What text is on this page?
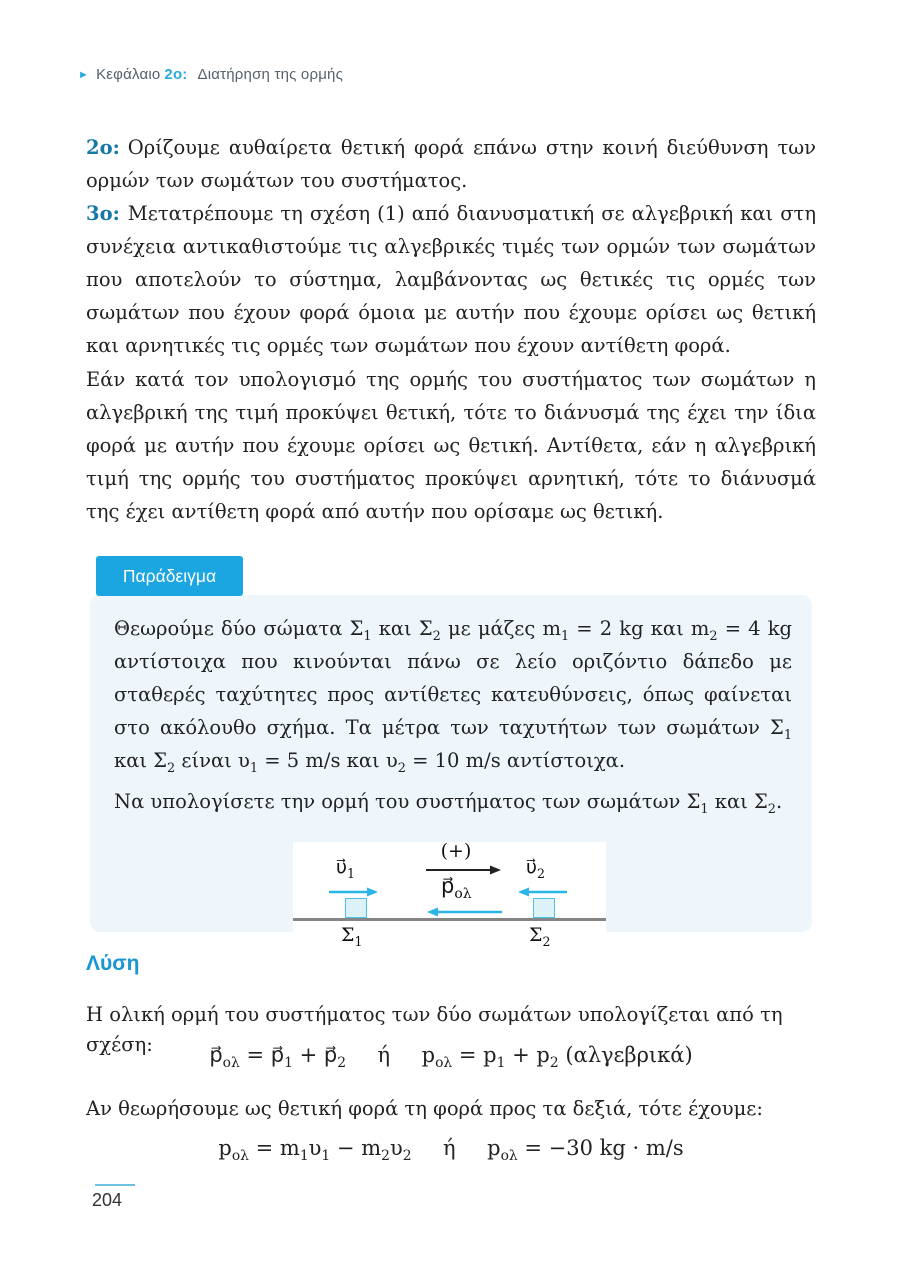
► Κεφάλαιο 2ο: Διατήρηση της ορμής

2ο: Ορίζουμε αυθαίρετα θετική φορά επάνω στην κοινή διεύθυνση των ορμών των σωμάτων του συστήματος.

3ο: Μετατρέπουμε τη σχέση (1) από διανυσματική σε αλγεβρική και στη συνέχεια αντικαθιστούμε τις αλγεβρικές τιμές των ορμών των σωμάτων που αποτελούν το σύστημα, λαμβάνοντας ως θετικές τις ορμές των σωμάτων που έχουν φορά όμοια με αυτήν που έχουμε ορίσει ως θετική και αρνητικές τις ορμές των σωμάτων που έχουν αντίθετη φορά.

Εάν κατά τον υπολογισμό της ορμής του συστήματος των σωμάτων η αλγεβρική της τιμή προκύψει θετική, τότε το διάνυσμά της έχει την ίδια φορά με αυτήν που έχουμε ορίσει ως θετική. Αντίθετα, εάν η αλγεβρική τιμή της ορμής του συστήματος προκύψει αρνητική, τότε το διάνυσμά της έχει αντίθετη φορά από αυτήν που ορίσαμε ως θετική.

Παράδειγμα

Θεωρούμε δύο σώματα $\Sigma_1$ και $\Sigma_2$ με μάζες $m_1 = 2$ kg και $m_2 = 4$ kg αντίστοιχα που κινούνται πάνω σε λείο οριζόντιο δάπεδο με σταθερές ταχύτητες προς αντίθετες κατευθύνσεις, όπως φαίνεται στο ακόλουθο σχήμα. Τα μέτρα των ταχυτήτων των σωμάτων $\Sigma_1$ και $\Sigma_2$ είναι $\upsilon_1 = 5$ m/s και $\upsilon_2 = 10$ m/s αντίστοιχα.

Να υπολογίσετε την ορμή του συστήματος των σωμάτων $\Sigma_1$ και $\Sigma_2$.

(+)
$p⃗_{o\lambda}$
$\upsilon⃗_1$
$\Sigma_1$
$\upsilon⃗_2$
$\Sigma_2$
Λύση

Η ολική ορμή του συστήματος των δύο σωμάτων υπολογίζεται από τη σχέση:	$p⃗_{o\lambda}$ = $p⃗_1$ + $p⃗_2$  ή  $p_{o\lambda} = p_1 + p_2$ (αλγεβρικά)

Αν θεωρήσουμε ως θετική φορά τη φορά προς τα δεξιά, τότε έχουμε:

$p_{o\lambda} = m_1\upsilon_1 - m_2\upsilon_2$  ή  $p_{o\lambda} = -30$ kg · m/s

204
